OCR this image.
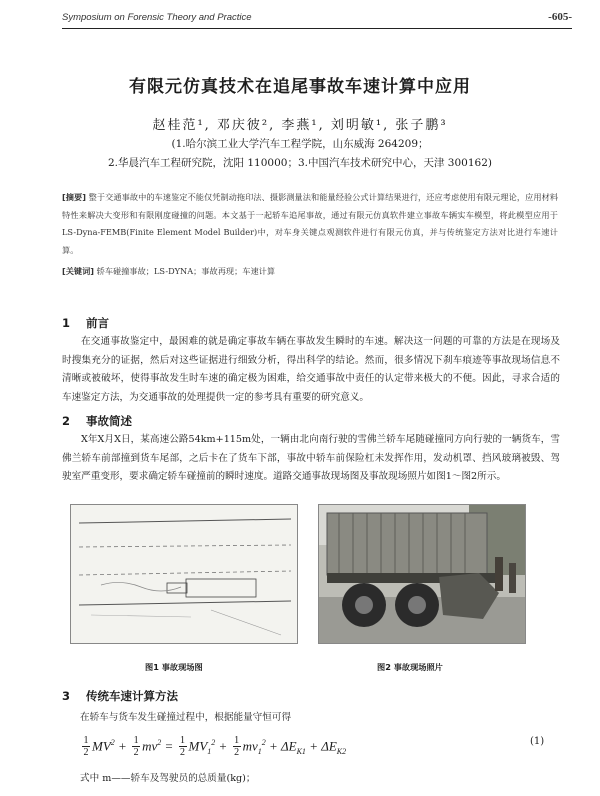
Symposium on Forensic Theory and Practice	-605-
有限元仿真技术在追尾事故车速计算中应用
赵桂范¹, 邓庆彼², 李燕¹, 刘明敏¹, 张子鹏³
(1.哈尔滨工业大学汽车工程学院，山东威海 264209；
2.华晨汽车工程研究院，沈阳 110000；3.中国汽车技术研究中心，天津 300162)
[摘要] 整于交通事故中的车速鉴定不能仅凭制动拖印法、摄影测量法和能量经验公式计算结果进行，还应考虑使用有限元理论，应用材料特性来解决大变形和有限刚度碰撞的问题。本文基于一起轿车追尾事故，通过有限元仿真软件建立事故车辆实车模型，将此模型应用于LS-Dyna-FEMB(Finite Element Model Builder)中，对车身关键点观测软件进行有限元仿真，并与传统鉴定方法对比进行车速计算。
[关键词] 轿车碰撞事故；LS-DYNA；事故再现；车速计算
1 前言
在交通事故鉴定中，最困难的就是确定事故车辆在事故发生瞬时的车速。解决这一问题的可靠的方法是在现场及时搜集充分的证据，然后对这些证据进行细致分析，得出科学的结论。然而，很多情况下刹车痕迹等事故现场信息不清晰或被破坏，使得事故发生时车速的确定极为困难，给交通事故中责任的认定带来极大的不便。因此，寻求合适的车速鉴定方法，为交通事故的处理提供一定的参考具有重要的研究意义。
2 事故简述
X年X月X日，某高速公路54km+115m处，一辆由北向南行驶的雪佛兰轿车尾随碰撞同方向行驶的一辆货车，雪佛兰轿车前部撞到货车尾部，之后卡在了货车下部，事故中轿车前保险杠未发挥作用，发动机罩、挡风玻璃被毁、驾驶室严重变形，要求确定轿车碰撞前的瞬时速度。道路交通事故现场图及事故现场照片如图1～图2所示。
图1 事故现场图	图2 事故现场照片
3 传统车速计算方法
在轿车与货车发生碰撞过程中，根据能量守恒可得
$\frac{1}{2} MV^2 + \frac{1}{2} mv^2 = \frac{1}{2} MV_1^2 + \frac{1}{2} mv_1^2 + \Delta E_{K1} + \Delta E_{K2}$
(1)
式中 m——轿车及驾驶员的总质量(kg)；
